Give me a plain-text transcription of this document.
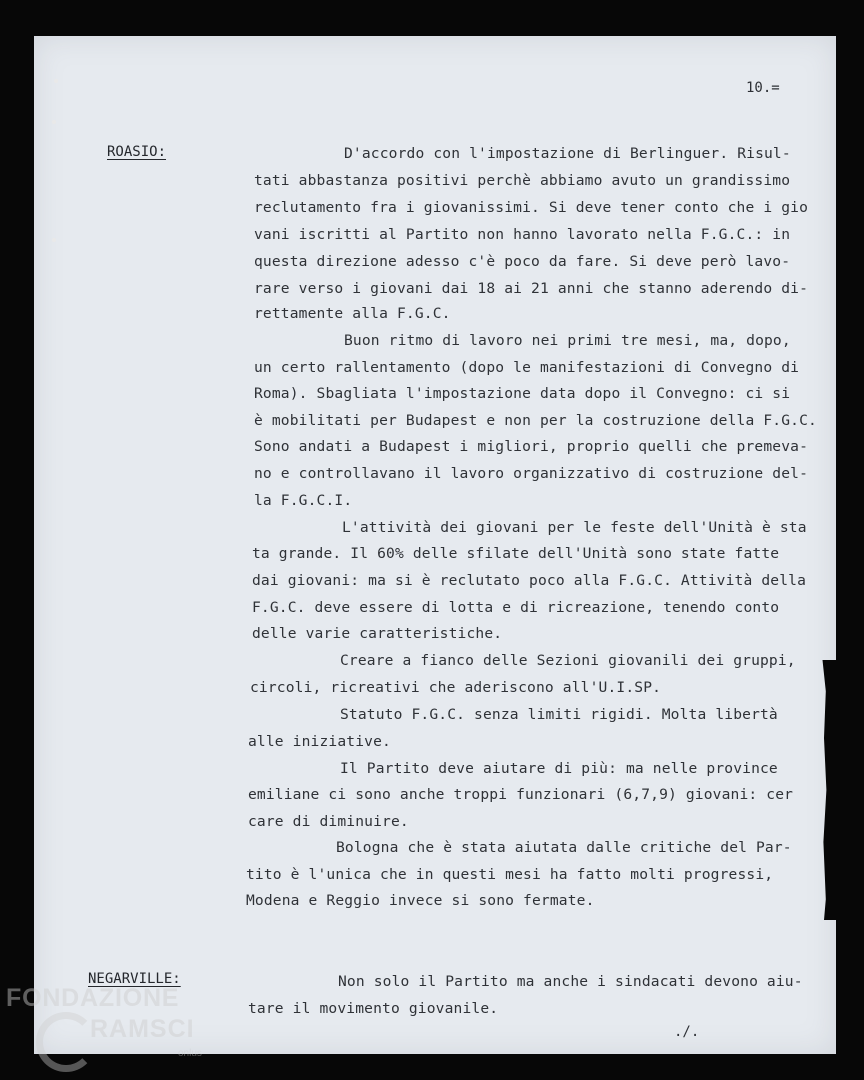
10.=
ROASIO:	D'accordo con l'impostazione di Berlinguer. Risul-
tati abbastanza positivi perchè abbiamo avuto un grandissimo
reclutamento fra i giovanissimi. Si deve tener conto che i gio
vani iscritti al Partito non hanno lavorato nella F.G.C.: in
questa direzione adesso c'è poco da fare. Si deve però lavo-
rare verso i giovani dai 18 ai 21 anni che stanno aderendo di-
rettamente alla F.G.C.
Buon ritmo di lavoro nei primi tre mesi, ma, dopo,
un certo rallentamento (dopo le manifestazioni di Convegno di
Roma). Sbagliata l'impostazione data dopo il Convegno: ci si
è mobilitati per Budapest e non per la costruzione della F.G.C.
Sono andati a Budapest i migliori, proprio quelli che premeva-
no e controllavano il lavoro organizzativo di costruzione del-
la F.G.C.I.
L'attività dei giovani per le feste dell'Unità è sta
ta grande. Il 60% delle sfilate dell'Unità sono state fatte
dai giovani: ma si è reclutato poco alla F.G.C. Attività della
F.G.C. deve essere di lotta e di ricreazione, tenendo conto
delle varie caratteristiche.
Creare a fianco delle Sezioni giovanili dei gruppi,
circoli, ricreativi che aderiscono all'U.I.SP.
Statuto F.G.C. senza limiti rigidi. Molta libertà
alle iniziative.
Il Partito deve aiutare di più: ma nelle province
emiliane ci sono anche troppi funzionari (6,7,9) giovani: cer
care di diminuire.
Bologna che è stata aiutata dalle critiche del Par-
tito è l'unica che in questi mesi ha fatto molti progressi,
Modena e Reggio invece si sono fermate.
NEGARVILLE:	Non solo il Partito ma anche i sindacati devono aiu-
tare il movimento giovanile.
./.
FONDAZIONE
RAMSCI
onlus
